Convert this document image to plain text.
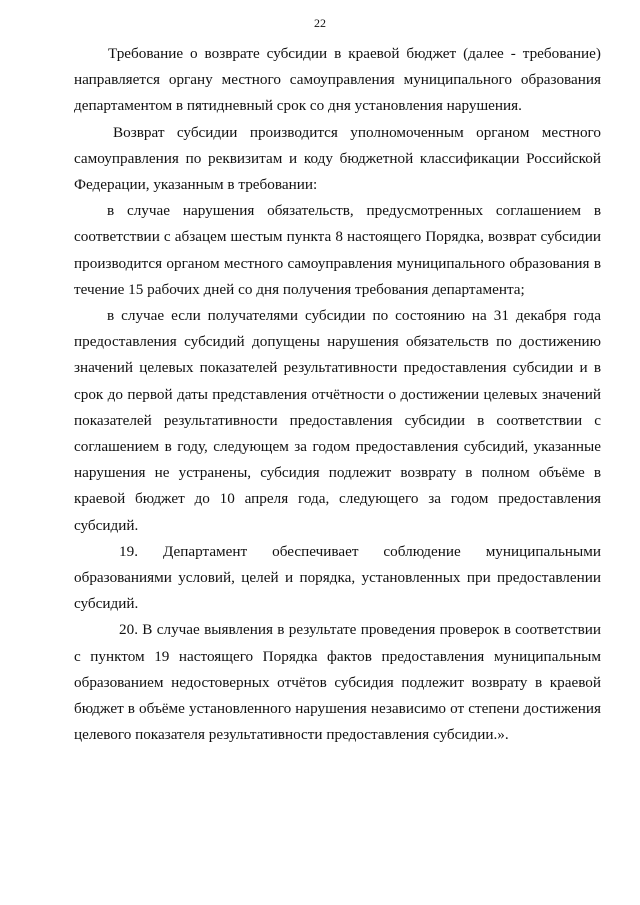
22

Требование о возврате субсидии в краевой бюджет (далее - требование) направляется органу местного самоуправления муниципального образования департаментом в пятидневный срок со дня установления нарушения.

Возврат субсидии производится уполномоченным органом местного самоуправления по реквизитам и коду бюджетной классификации Российской Федерации, указанным в требовании:

в случае нарушения обязательств, предусмотренных соглашением в соответствии с абзацем шестым пункта 8 настоящего Порядка, возврат субсидии производится органом местного самоуправления муниципального образования в течение 15 рабочих дней со дня получения требования департамента;

в случае если получателями субсидии по состоянию на 31 декабря года предоставления субсидий допущены нарушения обязательств по достижению значений целевых показателей результативности предоставления субсидии и в срок до первой даты представления отчётности о достижении целевых значений показателей результативности предоставления субсидии в соответствии с соглашением в году, следующем за годом предоставления субсидий, указанные нарушения не устранены, субсидия подлежит возврату в полном объёме в краевой бюджет до 10 апреля года, следующего за годом предоставления субсидий.

19. Департамент обеспечивает соблюдение муниципальными образованиями условий, целей и порядка, установленных при предоставлении субсидий.

20. В случае выявления в результате проведения проверок в соответствии с пунктом 19 настоящего Порядка фактов предоставления муниципальным образованием недостоверных отчётов субсидия подлежит возврату в краевой бюджет в объёме установленного нарушения независимо от степени достижения целевого показателя результативности предоставления субсидии.».
